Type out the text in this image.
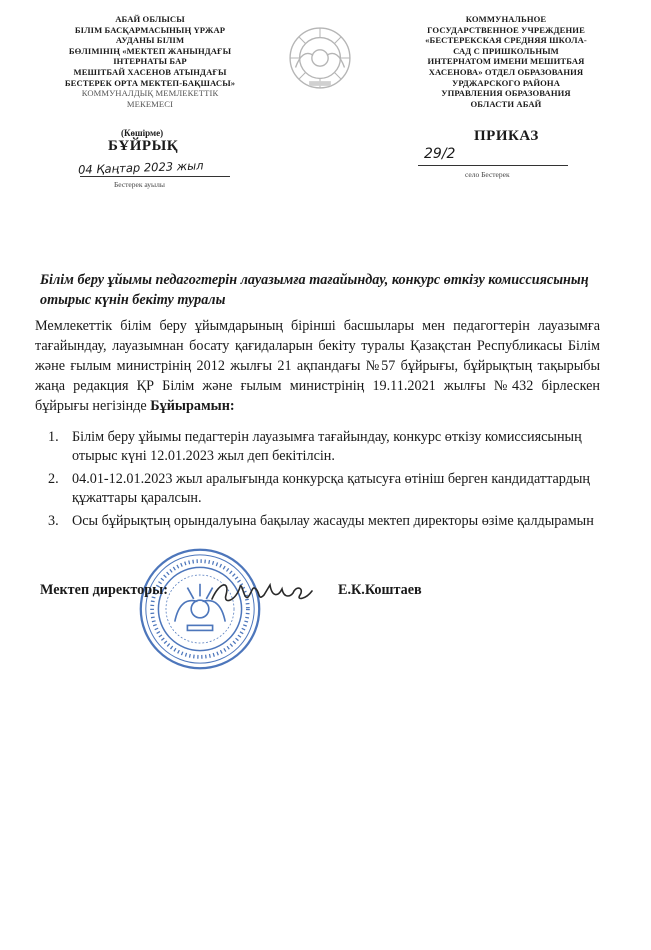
АБАЙ ОБЛЫСЫ
БІЛІМ БАСҚАРМАСЫНЫҢ ҮРЖАР
АУДАНЫ БІЛІМ
БӨЛІМІНІҢ «МЕКТЕП ЖАНЫНДАҒЫ
ІНТЕРНАТЫ БАР
МЕШІТБАЙ ХАСЕНОВ АТЫНДАҒЫ
БЕСТЕРЕК ОРТА МЕКТЕП-БАҚШАСЫ»
КОММУНАЛДЫҚ МЕМЛЕКЕТТІК
МЕКЕМЕСІ
КОММУНАЛЬНОЕ
ГОСУДАРСТВЕННОЕ УЧРЕЖДЕНИЕ
«БЕСТЕРЕКСКАЯ СРЕДНЯЯ ШКОЛА-
САД С ПРИШКОЛЬНЫМ
ИНТЕРНАТОМ ИМЕНИ МЕШИТБАЯ
ХАСЕНОВА» ОТДЕЛ ОБРАЗОВАНИЯ
УРДЖАРСКОГО РАЙОНА
УПРАВЛЕНИЯ ОБРАЗОВАНИЯ
ОБЛАСТИ АБАЙ
(Көшірме)
БҰЙРЫҚ
ПРИКАЗ
04 Қаңтар 2023 жыл
Бестерек ауылы
29/2
село Бестерек
Білім беру ұйымы педагогтерін лауазымға тағайындау, конкурс өткізу комиссиясының отырыс күнін бекіту туралы
Мемлекеттік білім беру ұйымдарының бірінші басшылары мен педагогтерін лауазымға тағайындау, лауазымнан босату қағидаларын бекіту туралы Қазақстан Республикасы Білім және ғылым министрінің 2012 жылғы 21 ақпандағы №57 бұйрығы, бұйрықтың тақырыбы жаңа редакция ҚР Білім және ғылым министрінің 19.11.2021 жылғы №432 бірлескен бұйрығы негізінде Бұйырамын:
1. Білім беру ұйымы педагтерін лауазымға тағайындау, конкурс өткізу комиссиясының отырыс күні 12.01.2023 жыл деп бекітілсін.
2. 04.01-12.01.2023 жыл аралығында конкурсқа қатысуға өтініш берген кандидаттардың құжаттары қаралсын.
3. Осы бұйрықтың орындалуына бақылау жасауды мектеп директоры өзіме қалдырамын
Мектеп директоры:	Е.К.Коштаев
